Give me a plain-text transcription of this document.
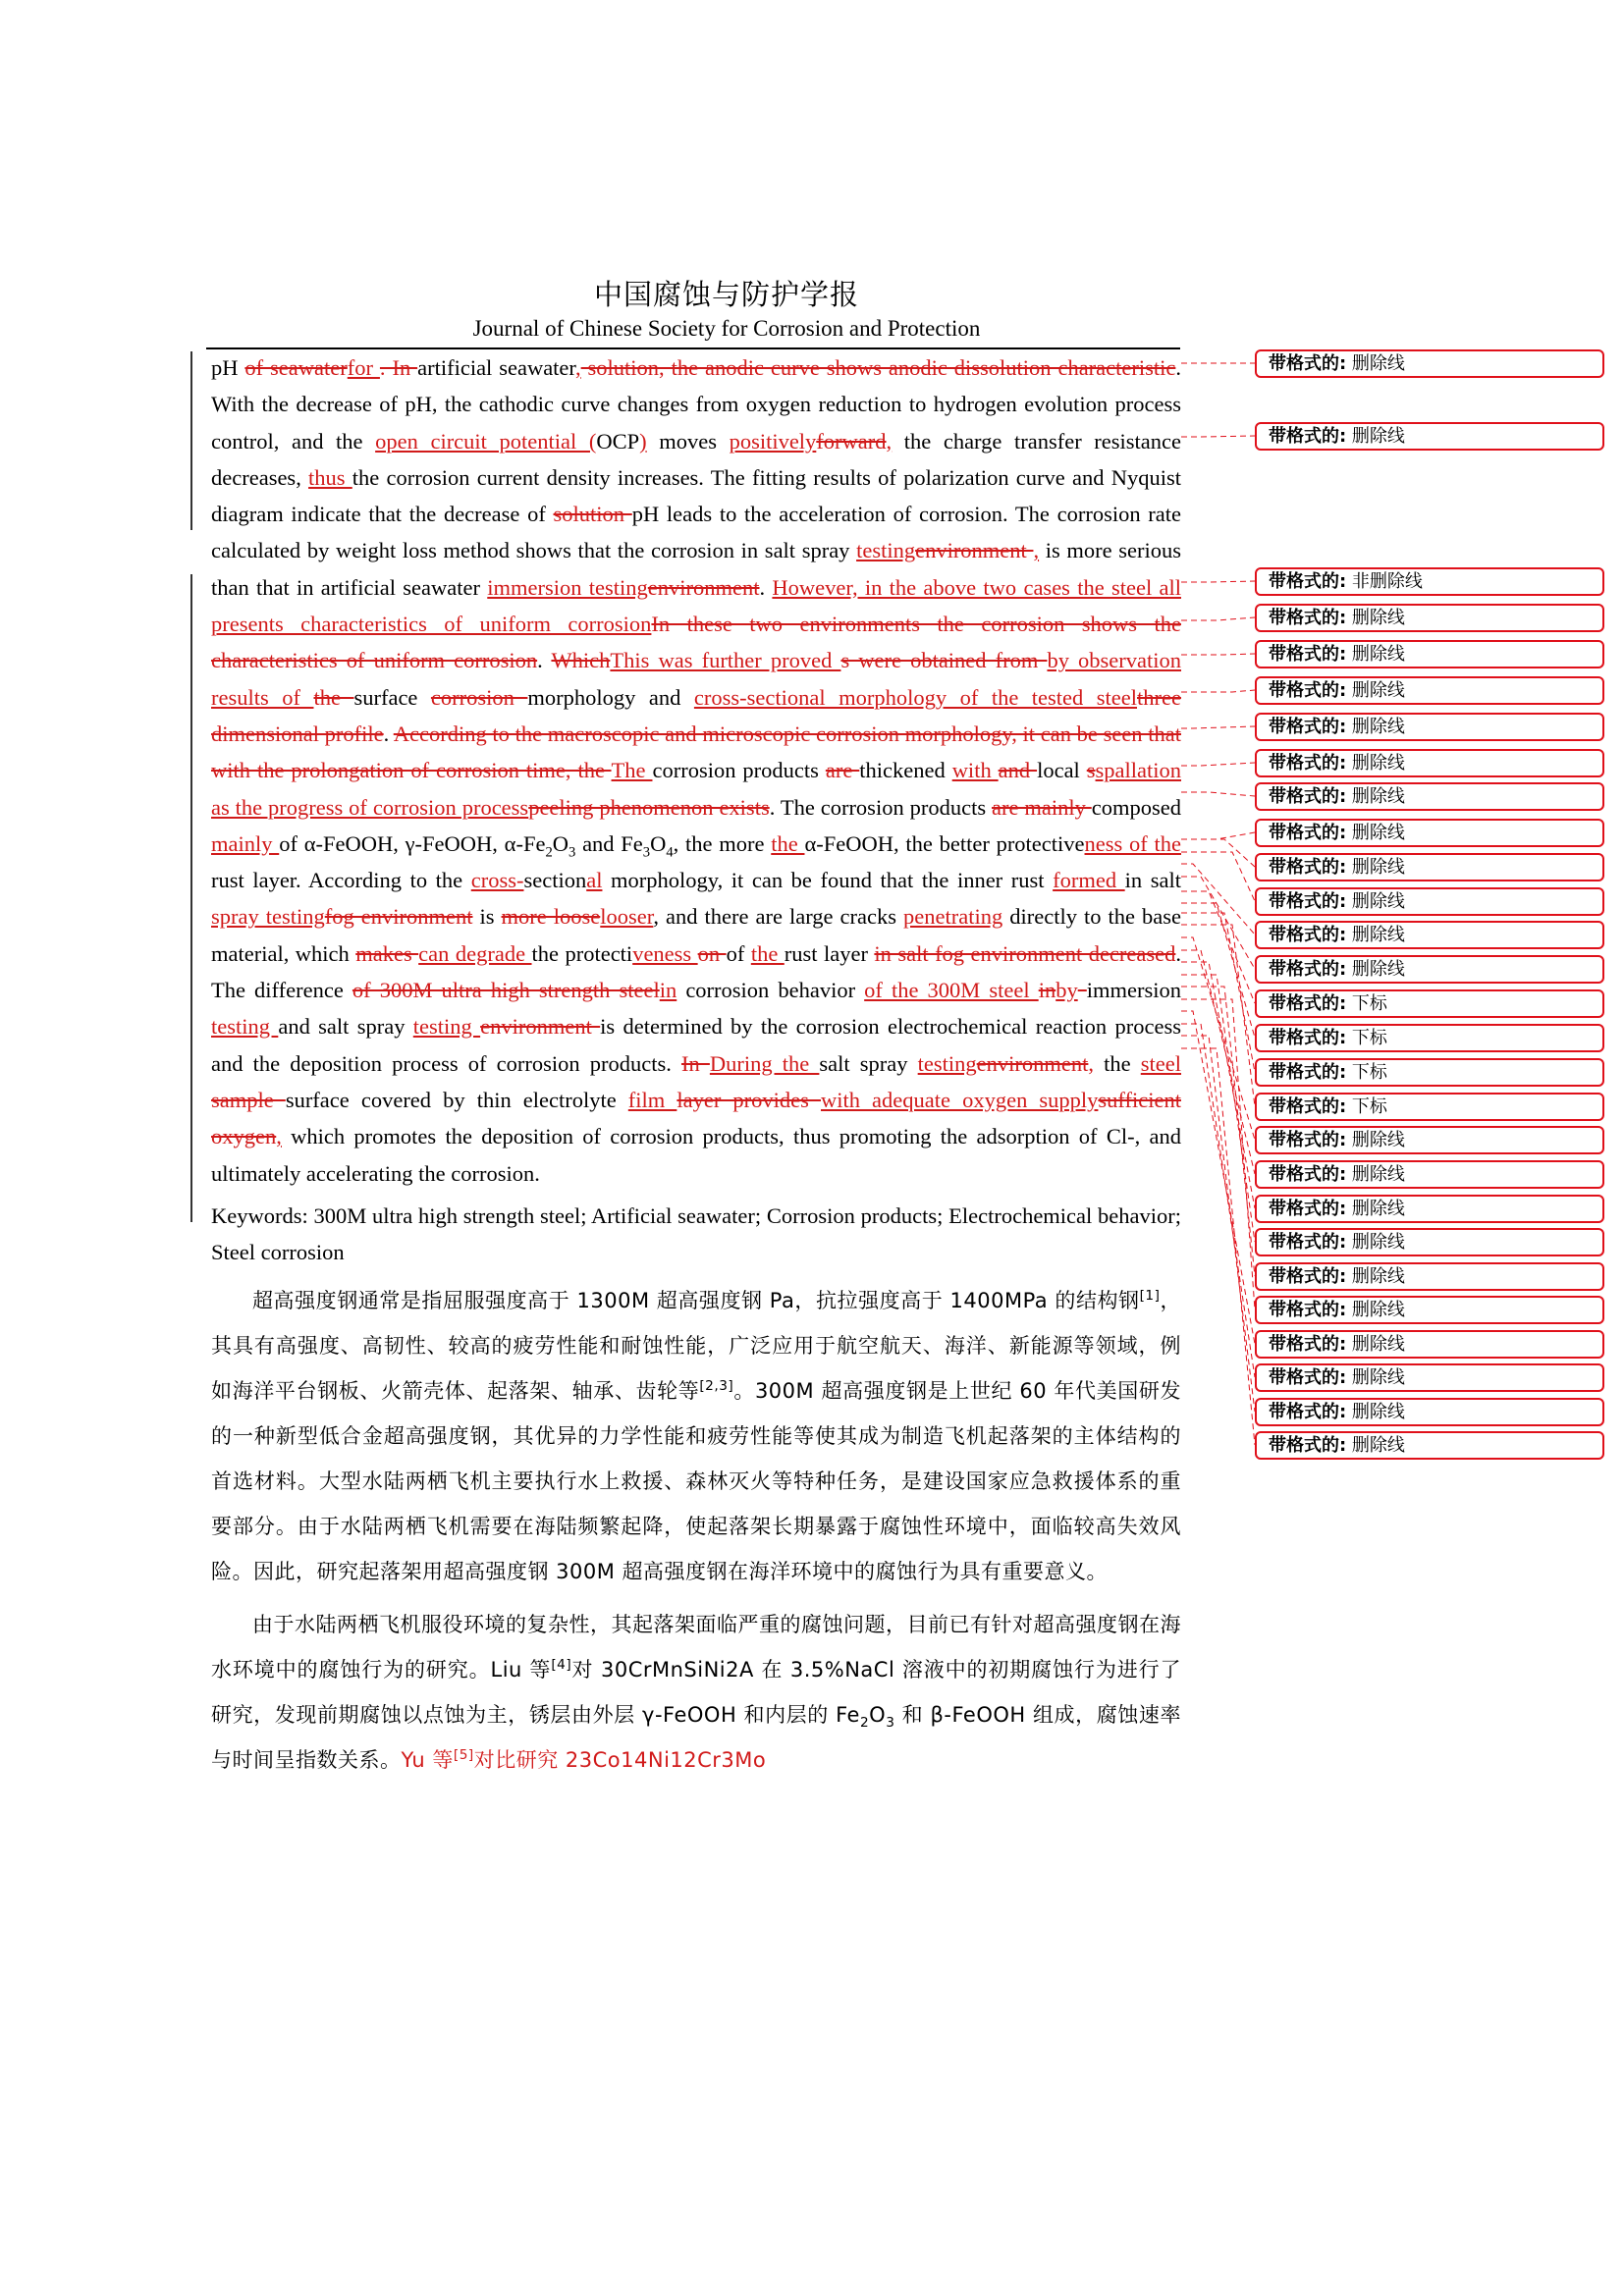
中国腐蚀与防护学报
Journal of Chinese Society for Corrosion and Protection

pH of seawaterfor . In artificial seawater, solution, the anodic curve shows anodic dissolution characteristic. With the decrease of pH, the cathodic curve changes from oxygen reduction to hydrogen evolution process control, and the open circuit potential (OCP) moves positivelyforward, the charge transfer resistance decreases, thus the corrosion current density increases. The fitting results of polarization curve and Nyquist diagram indicate that the decrease of solution pH leads to the acceleration of corrosion. The corrosion rate calculated by weight loss method shows that the corrosion in salt spray testingenvironment , is more serious than that in artificial seawater immersion testingenvironment. However, in the above two cases the steel all presents characteristics of uniform corrosionIn these two environments the corrosion shows the characteristics of uniform corrosion. WhichThis was further proved s were obtained from by observation results of the surface corrosion morphology and cross-sectional morphology of the tested steelthree dimensional profile. According to the macroscopic and microscopic corrosion morphology, it can be seen that with the prolongation of corrosion time, the The corrosion products are thickened with and local sspallation as the progress of corrosion processpeeling phenomenon exists. The corrosion products are mainly composed mainly of α-FeOOH, γ-FeOOH, $\alpha-Fe_2O_3$ and $Fe_3O_4$, the more the α-FeOOH, the better protectiveness of the rust layer. According to the cross-sectional morphology, it can be found that the inner rust formed in salt spray testingfog environment is more looselooser, and there are large cracks penetrating directly to the base material, which makes can degrade the protectiveness on of the rust layer in salt fog environment decreased. The difference of 300M ultra high strength steelin corrosion behavior of the 300M steel inby immersion testing and salt spray testing environment is determined by the corrosion electrochemical reaction process and the deposition process of corrosion products. In During the salt spray testingenvironment, the steel sample surface covered by thin electrolyte film layer provides with adequate oxygen supplysufficient oxygen, which promotes the deposition of corrosion products, thus promoting the adsorption of Cl-, and ultimately accelerating the corrosion.

Keywords: 300M ultra high strength steel; Artificial seawater; Corrosion products; Electrochemical behavior; Steel corrosion

超高强度钢通常是指屈服强度高于 1300M 超高强度钢 Pa，抗拉强度高于 1400MPa 的结构钢[1]，其具有高强度、高韧性、较高的疲劳性能和耐蚀性能，广泛应用于航空航天、海洋、新能源等领域，例如海洋平台钢板、火箭壳体、起落架、轴承、齿轮等[2,3]。300M 超高强度钢是上世纪 60 年代美国研发的一种新型低合金超高强度钢，其优异的力学性能和疲劳性能等使其成为制造飞机起落架的主体结构的首选材料。大型水陆两栖飞机主要执行水上救援、森林灭火等特种任务，是建设国家应急救援体系的重要部分。由于水陆两栖飞机需要在海陆频繁起降，使起落架长期暴露于腐蚀性环境中，面临较高失效风险。因此，研究起落架用超高强度钢 300M 超高强度钢在海洋环境中的腐蚀行为具有重要意义。

由于水陆两栖飞机服役环境的复杂性，其起落架面临严重的腐蚀问题，目前已有针对超高强度钢在海水环境中的腐蚀行为的研究。Liu 等[4]对 30CrMnSiNi2A 在 3.5%NaCl 溶液中的初期腐蚀行为进行了研究，发现前期腐蚀以点蚀为主，锈层由外层 γ-FeOOH 和内层的 $Fe_2O_3$ 和 β-FeOOH 组成，腐蚀速率与时间呈指数关系。Yu 等[5]对比研究 23Co14Ni12Cr3Mo

带格式的: 删除线
带格式的: 删除线
带格式的: 非删除线
带格式的: 删除线
带格式的: 删除线
带格式的: 删除线
带格式的: 删除线
带格式的: 删除线
带格式的: 删除线
带格式的: 删除线
带格式的: 删除线
带格式的: 删除线
带格式的: 删除线
带格式的: 删除线
带格式的: 下标
带格式的: 下标
带格式的: 下标
带格式的: 下标
带格式的: 删除线
带格式的: 删除线
带格式的: 删除线
带格式的: 删除线
带格式的: 删除线
带格式的: 删除线
带格式的: 删除线
带格式的: 删除线
带格式的: 删除线
带格式的: 删除线
